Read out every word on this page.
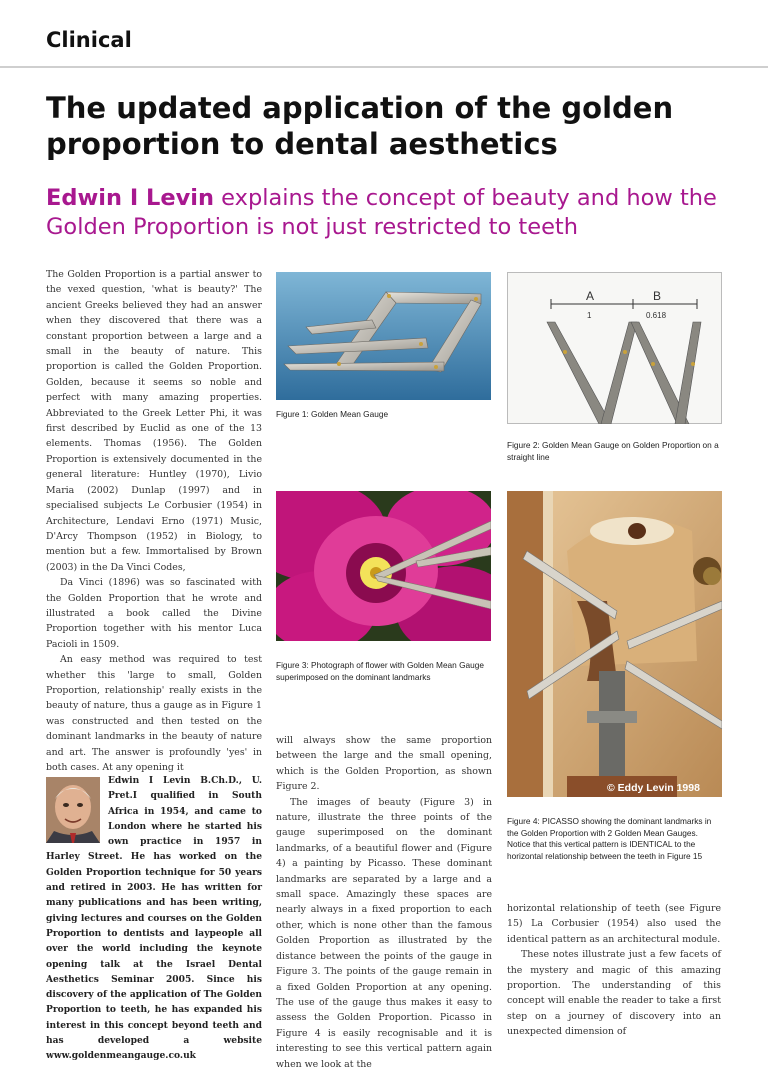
Clinical
The updated application of the golden proportion to dental aesthetics

Edwin I Levin explains the concept of beauty and how the Golden Proportion is not just restricted to teeth

The Golden Proportion is a partial answer to the vexed question, 'what is beauty?' The ancient Greeks believed they had an answer when they discovered that there was a constant proportion between a large and a small in the beauty of nature. This proportion is called the Golden Proportion. Golden, because it seems so noble and perfect with many amazing properties. Abbreviated to the Greek Letter Phi, it was first described by Euclid as one of the 13 elements. Thomas (1956). The Golden Proportion is extensively documented in the general literature: Huntley (1970), Livio Maria (2002) Dunlap (1997) and in specialised subjects Le Corbusier (1954) in Architecture, Lendavi Erno (1971) Music, D'Arcy Thompson (1952) in Biology, to mention but a few. Immortalised by Brown (2003) in the Da Vinci Codes,

Da Vinci (1896) was so fascinated with the Golden Proportion that he wrote and illustrated a book called the Divine Proportion together with his mentor Luca Pacioli in 1509.

An easy method was required to test whether this 'large to small, Golden Proportion, relationship' really exists in the beauty of nature, thus a gauge as in Figure 1 was constructed and then tested on the dominant landmarks in the beauty of nature and art. The answer is profoundly 'yes' in both cases. At any opening it

Figure 1: Golden Mean Gauge
A	B
1	0.618
Figure 2: Golden Mean Gauge on Golden Proportion on a straight line
Figure 3: Photograph of flower with Golden Mean Gauge superimposed on the dominant landmarks
© Eddy Levin 1998
Figure 4: PICASSO showing the dominant landmarks in the Golden Proportion with 2 Golden Mean Gauges. Notice that this vertical pattern is IDENTICAL to the horizontal relationship between the teeth in Figure 15
Edwin I Levin B.Ch.D., U. Pret.I qualified in South Africa in 1954, and came to London where he started his own practice in 1957 in Harley Street. He has worked on the Golden Proportion technique for 50 years and retired in 2003. He has written for many publications and has been writing, giving lectures and courses on the Golden Proportion to dentists and laypeople all over the world including the keynote opening talk at the Israel Dental Aesthetics Seminar 2005. Since his discovery of the application of The Golden Proportion to teeth, he has expanded his interest in this concept beyond teeth and has developed a website www.goldenmeangauge.co.uk

will always show the same proportion between the large and the small opening, which is the Golden Proportion, as shown Figure 2.

The images of beauty (Figure 3) in nature, illustrate the three points of the gauge superimposed on the dominant landmarks, of a beautiful flower and (Figure 4) a painting by Picasso. These dominant landmarks are separated by a large and a small space. Amazingly these spaces are nearly always in a fixed proportion to each other, which is none other than the famous Golden Proportion as illustrated by the distance between the points of the gauge in Figure 3. The points of the gauge remain in a fixed Golden Proportion at any opening. The use of the gauge thus makes it easy to assess the Golden Proportion. Picasso in Figure 4 is easily recognisable and it is interesting to see this vertical pattern again when we look at the

horizontal relationship of teeth (see Figure 15) La Corbusier (1954) also used the identical pattern as an architectural module.

These notes illustrate just a few facets of the mystery and magic of this amazing proportion. The understanding of this concept will enable the reader to take a first step on a journey of discovery into an unexpected dimension of
